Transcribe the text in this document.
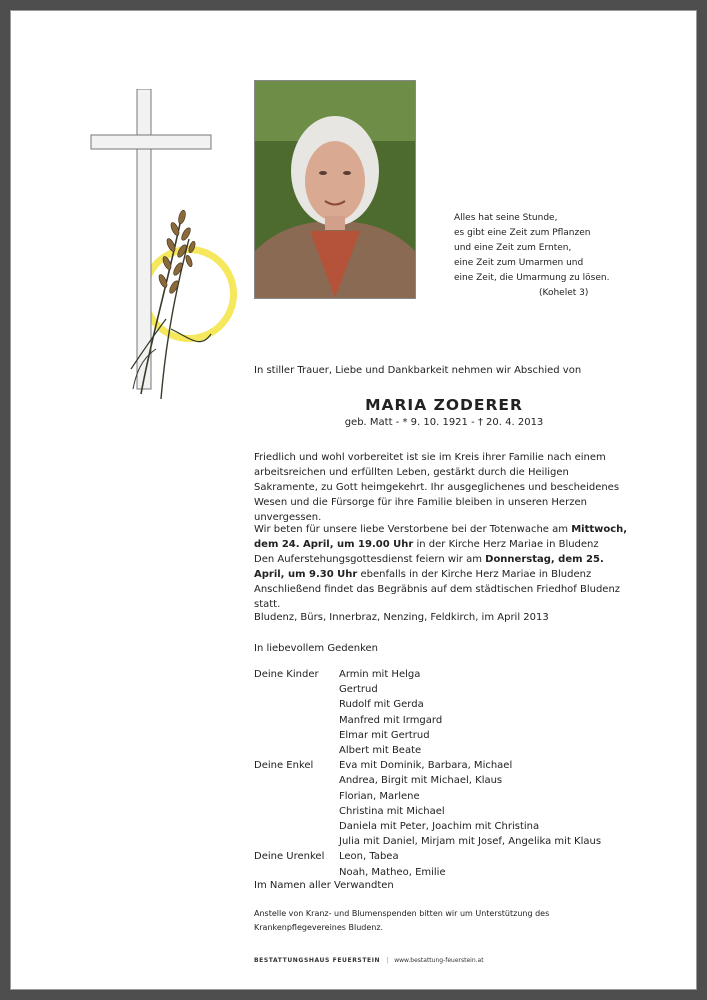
Alles hat seine Stunde,
es gibt eine Zeit zum Pflanzen
und eine Zeit zum Ernten,
eine Zeit zum Umarmen und
eine Zeit, die Umarmung zu lösen.
(Kohelet 3)
In stiller Trauer, Liebe und Dankbarkeit nehmen wir Abschied von
MARIA ZODERER
geb. Matt - * 9. 10. 1921 - † 20. 4. 2013
Friedlich und wohl vorbereitet ist sie im Kreis ihrer Familie nach einem arbeitsreichen und erfüllten Leben, gestärkt durch die Heiligen Sakramente, zu Gott heimgekehrt. Ihr ausgeglichenes und bescheidenes Wesen und die Fürsorge für ihre Familie bleiben in unseren Herzen unvergessen.
Wir beten für unsere liebe Verstorbene bei der Totenwache am Mittwoch, dem 24. April, um 19.00 Uhr in der Kirche Herz Mariae in Bludenz
Den Auferstehungsgottesdienst feiern wir am Donnerstag, dem 25. April, um 9.30 Uhr ebenfalls in der Kirche Herz Mariae in Bludenz Anschließend findet das Begräbnis auf dem städtischen Friedhof Bludenz statt.
Bludenz, Bürs, Innerbraz, Nenzing, Feldkirch, im April 2013
In liebevollem Gedenken
Deine Kinder	Armin mit Helga
Gertrud
Rudolf mit Gerda
Manfred mit Irmgard
Elmar mit Gertrud
Albert mit Beate
Deine Enkel	Eva mit Dominik, Barbara, Michael
Andrea, Birgit mit Michael, Klaus
Florian, Marlene
Christina mit Michael
Daniela mit Peter, Joachim mit Christina
Julia mit Daniel, Mirjam mit Josef, Angelika mit Klaus
Deine Urenkel	Leon, Tabea
Noah, Matheo, Emilie
Im Namen aller Verwandten
Anstelle von Kranz- und Blumenspenden bitten wir um Unterstützung des Krankenpflegevereines Bludenz.
BESTATTUNGSHAUS FEUERSTEIN | www.bestattung-feuerstein.at
